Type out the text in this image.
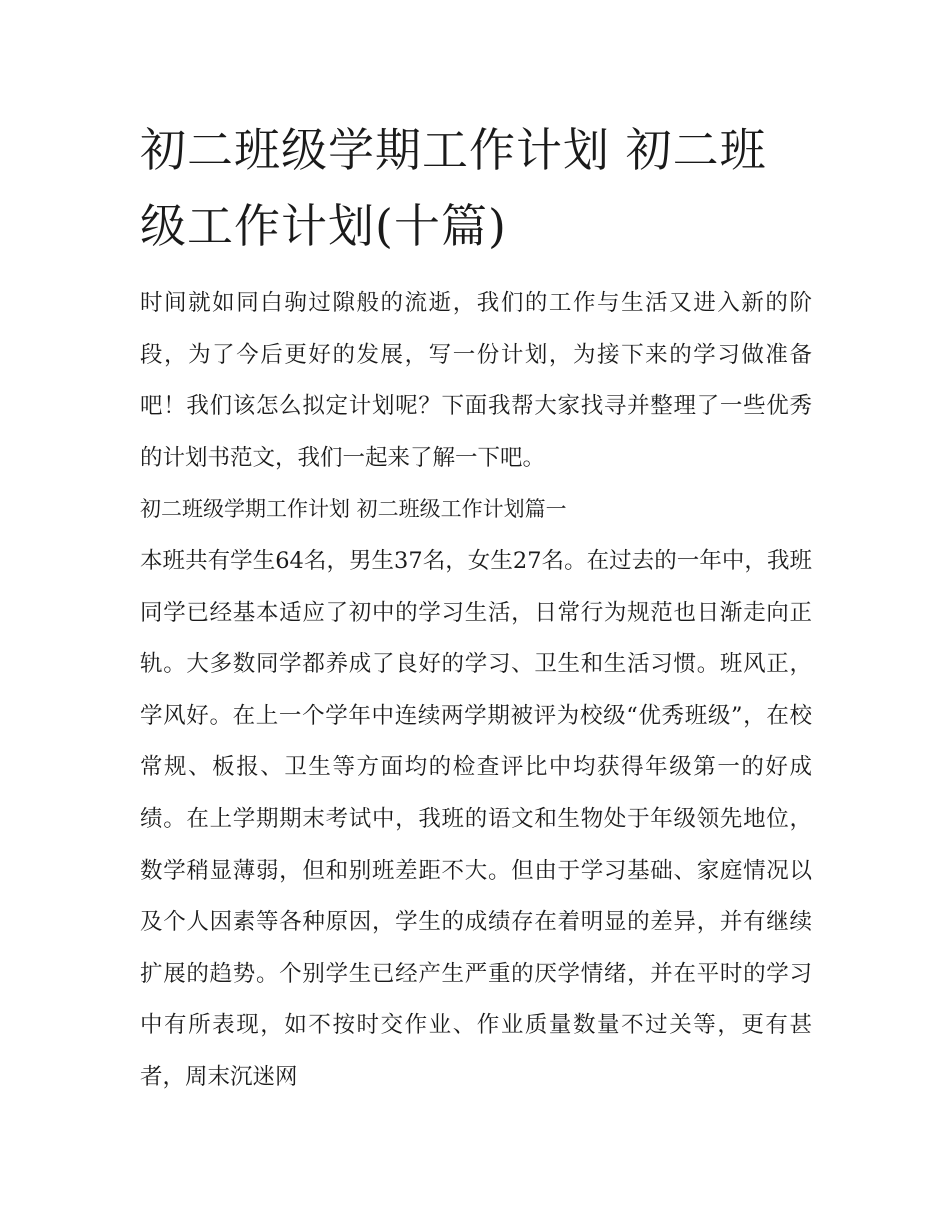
初二班级学期工作计划 初二班级工作计划(十篇)

时间就如同白驹过隙般的流逝，我们的工作与生活又进入新的阶段，为了今后更好的发展，写一份计划，为接下来的学习做准备吧！我们该怎么拟定计划呢？下面我帮大家找寻并整理了一些优秀的计划书范文，我们一起来了解一下吧。

初二班级学期工作计划 初二班级工作计划篇一

本班共有学生64名，男生37名，女生27名。在过去的一年中，我班同学已经基本适应了初中的学习生活，日常行为规范也日渐走向正轨。大多数同学都养成了良好的学习、卫生和生活习惯。班风正，学风好。在上一个学年中连续两学期被评为校级“优秀班级”，在校常规、板报、卫生等方面均的检查评比中均获得年级第一的好成绩。在上学期期末考试中，我班的语文和生物处于年级领先地位，数学稍显薄弱，但和别班差距不大。但由于学习基础、家庭情况以及个人因素等各种原因，学生的成绩存在着明显的差异，并有继续扩展的趋势。个别学生已经产生严重的厌学情绪，并在平时的学习中有所表现，如不按时交作业、作业质量数量不过关等，更有甚者，周末沉迷网
